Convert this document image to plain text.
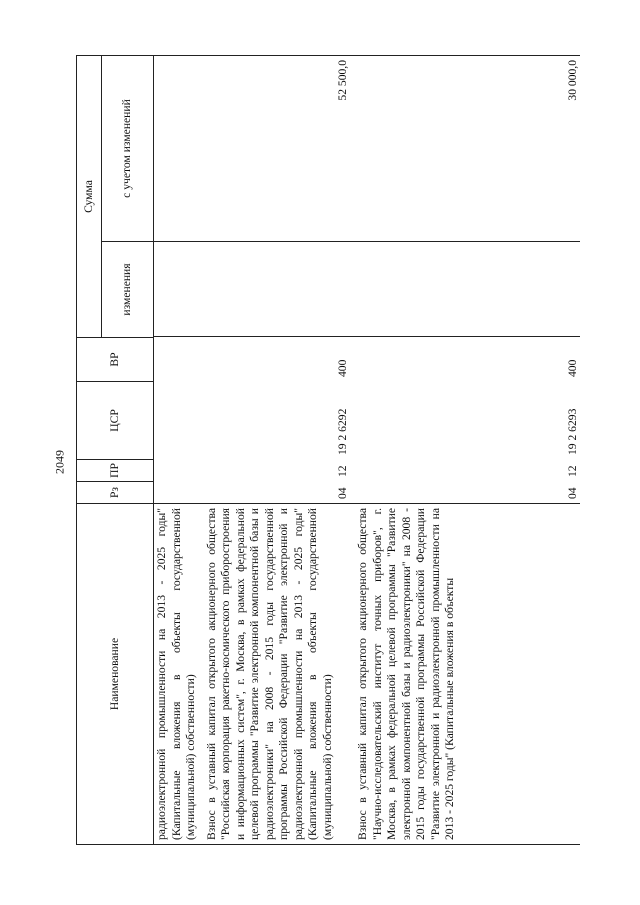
2049
Наименование
Рз
ПР
ЦСР
ВР
Сумма
изменения
с учетом изменений
радиоэлектронной промышленности на 2013 - 2025 годы" (Капитальные вложения в объекты государственной (муниципальной) собственности) Взнос в уставный капитал открытого акционерного общества "Российская корпорация ракетно-космического приборостроения и информационных систем", г. Москва, в рамках федеральной целевой программы "Развитие электронной компонентной базы и радиоэлектроники" на 2008 - 2015 годы государственной программы Российской Федерации "Развитие электронной и радиоэлектронной промышленности на 2013 - 2025 годы" (Капитальные вложения в объекты государственной (муниципальной) собственности)
04
12
19 2 6292
400
52 500,0
Взнос в уставный капитал открытого акционерного общества "Научно-исследовательский институт точных приборов", г. Москва, в рамках федеральной целевой программы "Развитие электронной компонентной базы и радиоэлектроники" на 2008 - 2015 годы государственной программы Российской Федерации "Развитие электронной и радиоэлектронной промышленности на 2013 - 2025 годы" (Капитальные вложения в объекты
04
12
19 2 6293
400
30 000,0
